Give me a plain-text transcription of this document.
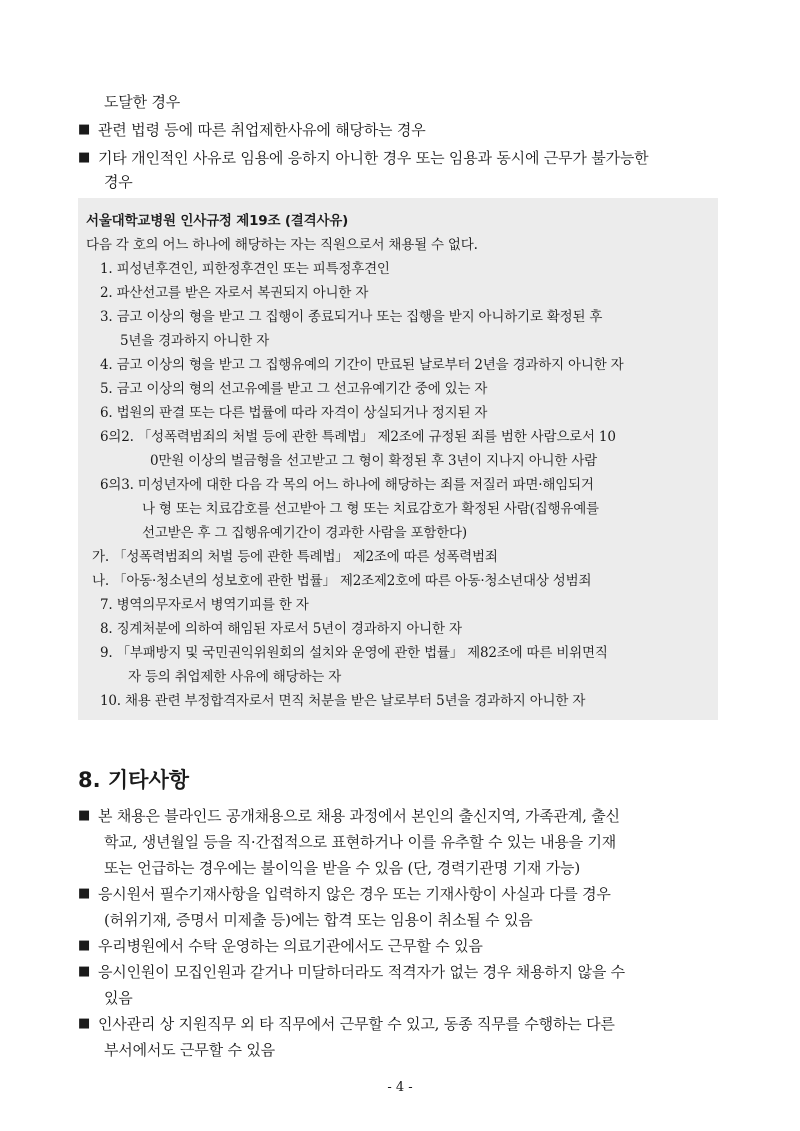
도달한 경우
■ 관련 법령 등에 따른 취업제한사유에 해당하는 경우
■ 기타 개인적인 사유로 임용에 응하지 아니한 경우 또는 임용과 동시에 근무가 불가능한
경우
서울대학교병원 인사규정 제19조 (결격사유)
다음 각 호의 어느 하나에 해당하는 자는 직원으로서 채용될 수 없다.
1. 피성년후견인, 피한정후견인 또는 피특정후견인
2. 파산선고를 받은 자로서 복권되지 아니한 자
3. 금고 이상의 형을 받고 그 집행이 종료되거나 또는 집행을 받지 아니하기로 확정된 후
5년을 경과하지 아니한 자
4. 금고 이상의 형을 받고 그 집행유예의 기간이 만료된 날로부터 2년을 경과하지 아니한 자
5. 금고 이상의 형의 선고유예를 받고 그 선고유예기간 중에 있는 자
6. 법원의 판결 또는 다른 법률에 따라 자격이 상실되거나 정지된 자
6의2. 「성폭력범죄의 처벌 등에 관한 특례법」 제2조에 규정된 죄를 범한 사람으로서 10
0만원 이상의 벌금형을 선고받고 그 형이 확정된 후 3년이 지나지 아니한 사람
6의3. 미성년자에 대한 다음 각 목의 어느 하나에 해당하는 죄를 저질러 파면·해임되거
나 형 또는 치료감호를 선고받아 그 형 또는 치료감호가 확정된 사람(집행유예를
선고받은 후 그 집행유예기간이 경과한 사람을 포함한다)
가. 「성폭력범죄의 처벌 등에 관한 특례법」 제2조에 따른 성폭력범죄
나. 「아동·청소년의 성보호에 관한 법률」 제2조제2호에 따른 아동·청소년대상 성범죄
7. 병역의무자로서 병역기피를 한 자
8. 징계처분에 의하여 해임된 자로서 5년이 경과하지 아니한 자
9. 「부패방지 및 국민권익위원회의 설치와 운영에 관한 법률」 제82조에 따른 비위면직
자 등의 취업제한 사유에 해당하는 자
10. 채용 관련 부정합격자로서 면직 처분을 받은 날로부터 5년을 경과하지 아니한 자
8. 기타사항
■ 본 채용은 블라인드 공개채용으로 채용 과정에서 본인의 출신지역, 가족관계, 출신
학교, 생년월일 등을 직·간접적으로 표현하거나 이를 유추할 수 있는 내용을 기재
또는 언급하는 경우에는 불이익을 받을 수 있음 (단, 경력기관명 기재 가능)
■ 응시원서 필수기재사항을 입력하지 않은 경우 또는 기재사항이 사실과 다를 경우
(허위기재, 증명서 미제출 등)에는 합격 또는 임용이 취소될 수 있음
■ 우리병원에서 수탁 운영하는 의료기관에서도 근무할 수 있음
■ 응시인원이 모집인원과 같거나 미달하더라도 적격자가 없는 경우 채용하지 않을 수
있음
■ 인사관리 상 지원직무 외 타 직무에서 근무할 수 있고, 동종 직무를 수행하는 다른
부서에서도 근무할 수 있음
- 4 -
